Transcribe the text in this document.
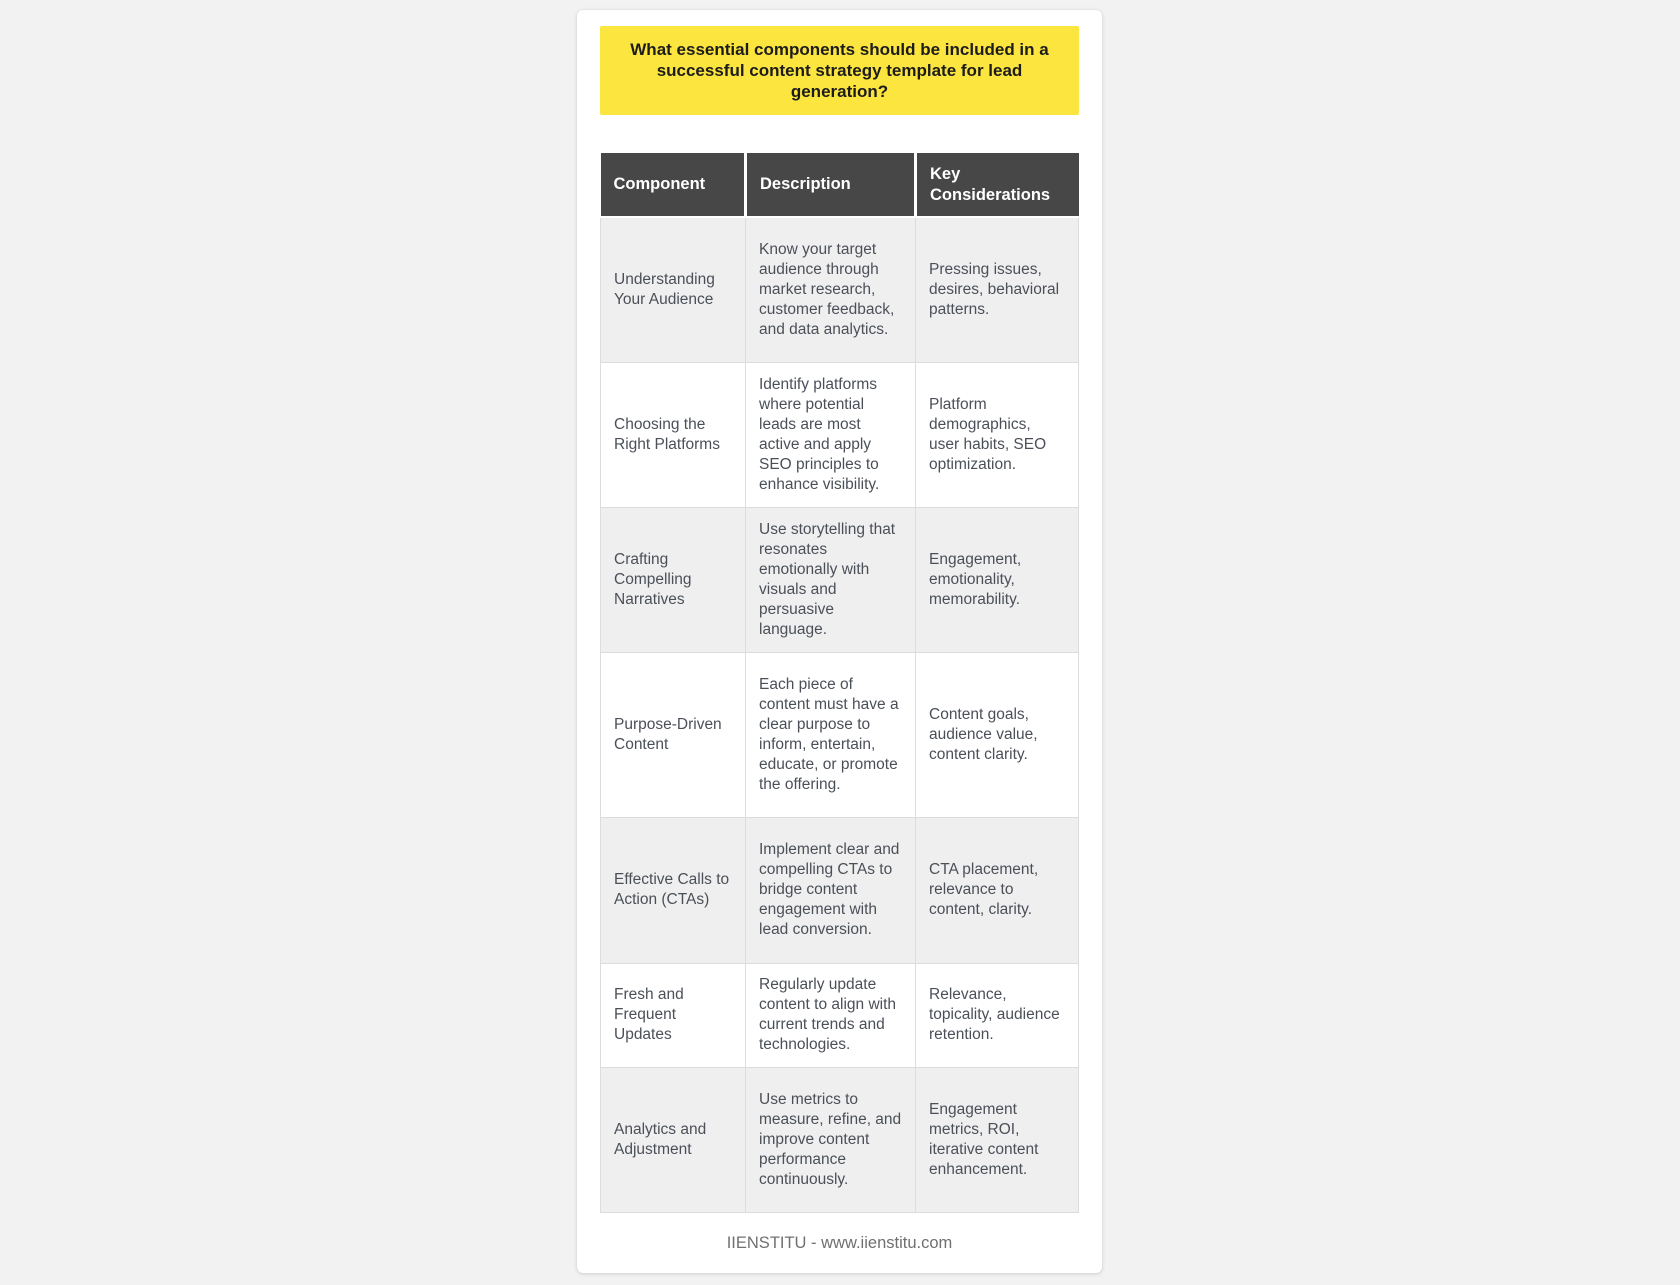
What essential components should be included in a successful content strategy template for lead generation?
Component	Description	Key Considerations
Understanding Your Audience	Know your target audience through market research, customer feedback, and data analytics.	Pressing issues, desires, behavioral patterns.
Choosing the Right Platforms	Identify platforms where potential leads are most active and apply SEO principles to enhance visibility.	Platform demographics, user habits, SEO optimization.
Crafting Compelling Narratives	Use storytelling that resonates emotionally with visuals and persuasive language.	Engagement, emotionality, memorability.
Purpose-Driven Content	Each piece of content must have a clear purpose to inform, entertain, educate, or promote the offering.	Content goals, audience value, content clarity.
Effective Calls to Action (CTAs)	Implement clear and compelling CTAs to bridge content engagement with lead conversion.	CTA placement, relevance to content, clarity.
Fresh and Frequent Updates	Regularly update content to align with current trends and technologies.	Relevance, topicality, audience retention.
Analytics and Adjustment	Use metrics to measure, refine, and improve content performance continuously.	Engagement metrics, ROI, iterative content enhancement.
IIENSTITU - www.iienstitu.com
